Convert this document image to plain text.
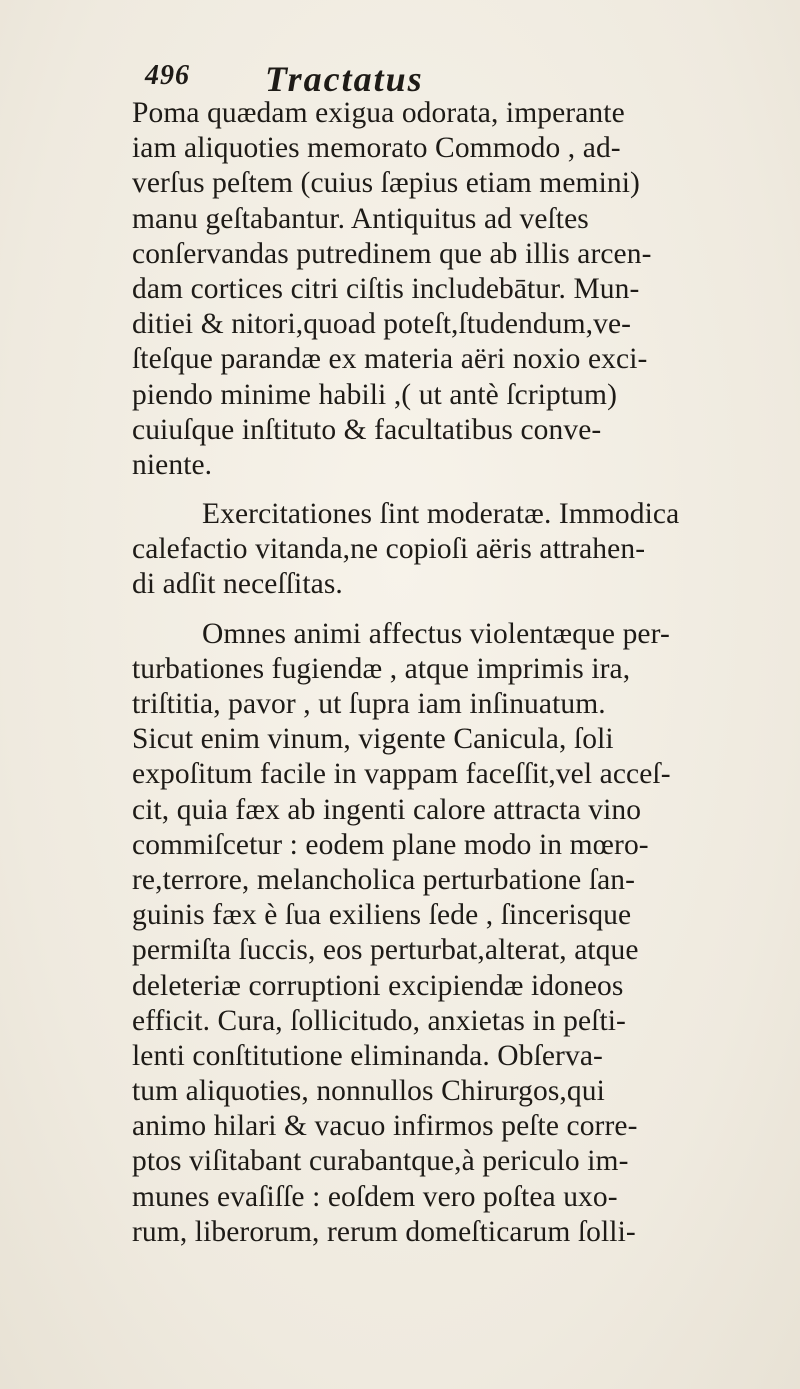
496 Tractatus
Poma quædam exigua odorata, imperante
iam aliquoties memorato Commodo , ad-
verſus peſtem (cuius ſæpius etiam memini)
manu geſtabantur. Antiquitus ad veſtes
conſervandas putredinem que ab illis arcen-
dam cortices citri ciſtis includebātur. Mun-
ditiei & nitori,quoad poteſt,ſtudendum,ve-
ſteſque parandæ ex materia aëri noxio exci-
piendo minime habili ,( ut antè ſcriptum)
cuiuſque inſtituto & facultatibus conve-
niente.
Exercitationes ſint moderatæ. Immodica
calefactio vitanda,ne copioſi aëris attrahen-
di adſit neceſſitas.
Omnes animi affectus violentæque per-
turbationes fugiendæ , atque imprimis ira,
triſtitia, pavor , ut ſupra iam inſinuatum.
Sicut enim vinum, vigente Canicula, ſoli
expoſitum facile in vappam faceſſit,vel acceſ-
cit, quia fæx ab ingenti calore attracta vino
commiſcetur : eodem plane modo in mœro-
re,terrore, melancholica perturbatione ſan-
guinis fæx è ſua exiliens ſede , ſincerisque
permiſta ſuccis, eos perturbat,alterat, atque
deleteriæ corruptioni excipiendæ idoneos
efficit. Cura, ſollicitudo, anxietas in peſti-
lenti conſtitutione eliminanda. Obſerva-
tum aliquoties, nonnullos Chirurgos,qui
animo hilari & vacuo infirmos peſte corre-
ptos viſitabant curabantque,à periculo im-
munes evaſiſſe : eoſdem vero poſtea uxo-
rum, liberorum, rerum domeſticarum ſolli-
